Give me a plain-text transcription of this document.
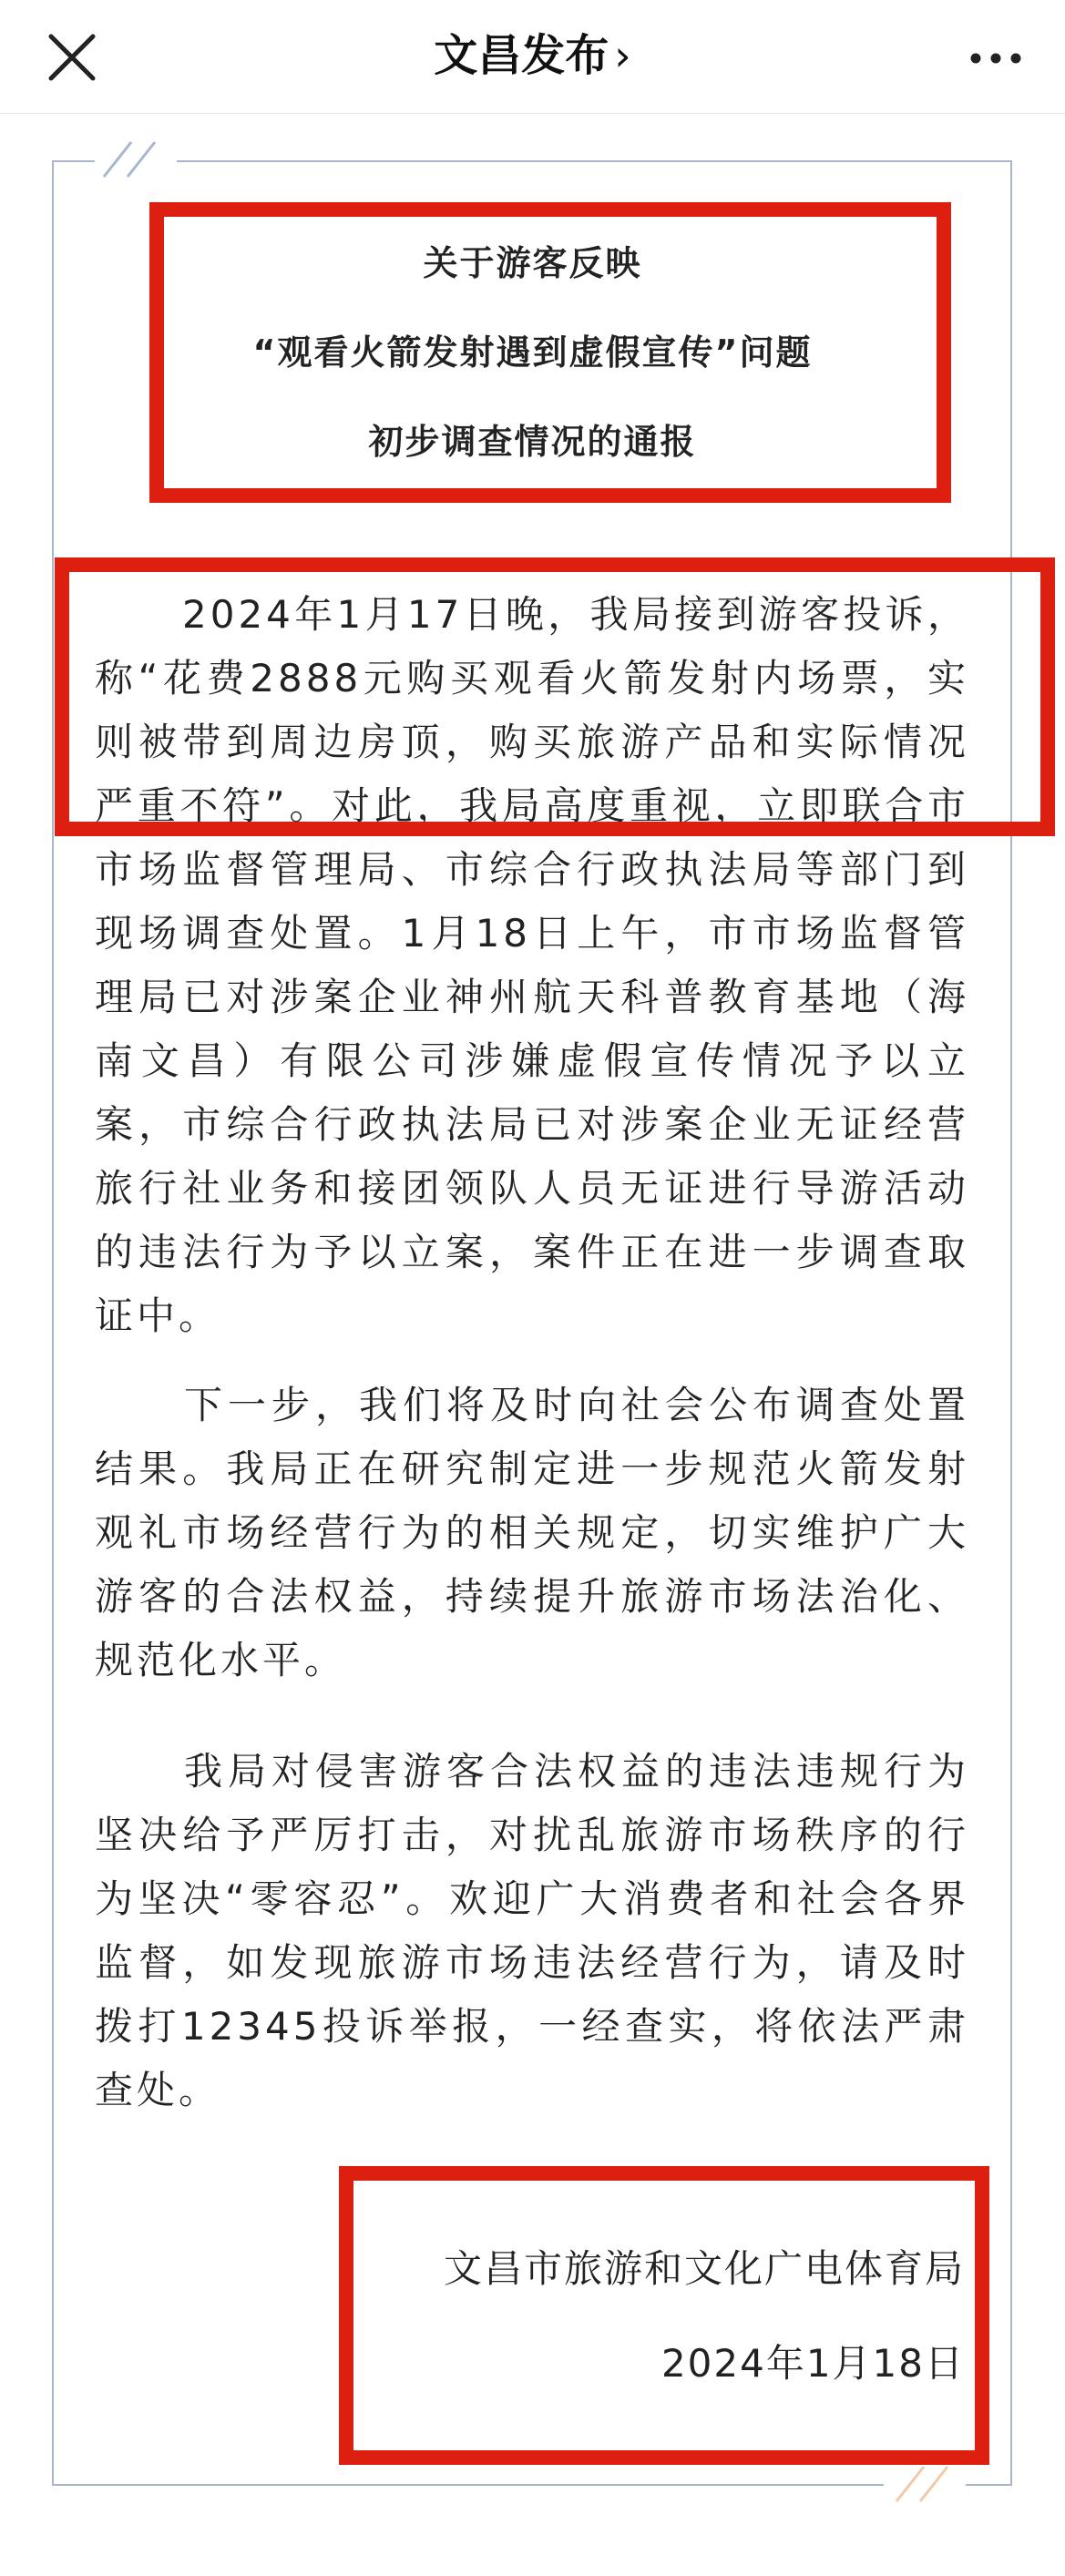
文昌发布 ›
关于游客反映
“观看火箭发射遇到虚假宣传”问题
初步调查情况的通报

2024年1月17日晚，我局接到游客投诉，称“花费2888元购买观看火箭发射内场票，实则被带到周边房顶，购买旅游产品和实际情况严重不符”。对此，我局高度重视，立即联合市市场监督管理局、市综合行政执法局等部门到现场调查处置。1月18日上午，市市场监督管理局已对涉案企业神州航天科普教育基地（海南文昌）有限公司涉嫌虚假宣传情况予以立案，市综合行政执法局已对涉案企业无证经营旅行社业务和接团领队人员无证进行导游活动的违法行为予以立案，案件正在进一步调查取证中。

下一步，我们将及时向社会公布调查处置结果。我局正在研究制定进一步规范火箭发射观礼市场经营行为的相关规定，切实维护广大游客的合法权益，持续提升旅游市场法治化、规范化水平。

我局对侵害游客合法权益的违法违规行为坚决给予严厉打击，对扰乱旅游市场秩序的行为坚决“零容忍”。欢迎广大消费者和社会各界监督，如发现旅游市场违法经营行为，请及时拨打12345投诉举报，一经查实，将依法严肃查处。

文昌市旅游和文化广电体育局
2024年1月18日
